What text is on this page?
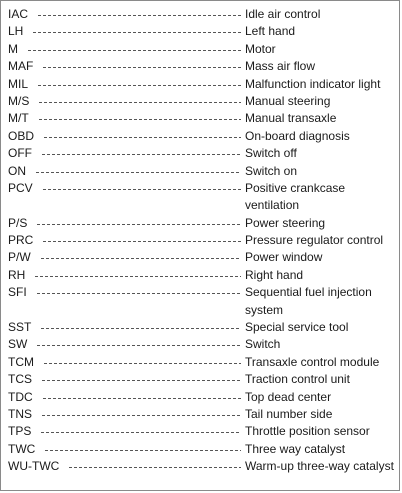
IAC	Idle air control
LH	Left hand
M	Motor
MAF	Mass air flow
MIL	Malfunction indicator light
M/S	Manual steering
M/T	Manual transaxle
OBD	On-board diagnosis
OFF	Switch off
ON	Switch on
PCV	Positive crankcase ventilation
P/S	Power steering
PRC	Pressure regulator control
P/W	Power window
RH	Right hand
SFI	Sequential fuel injection system
SST	Special service tool
SW	Switch
TCM	Transaxle control module
TCS	Traction control unit
TDC	Top dead center
TNS	Tail number side
TPS	Throttle position sensor
TWC	Three way catalyst
WU-TWC	Warm-up three-way catalyst
